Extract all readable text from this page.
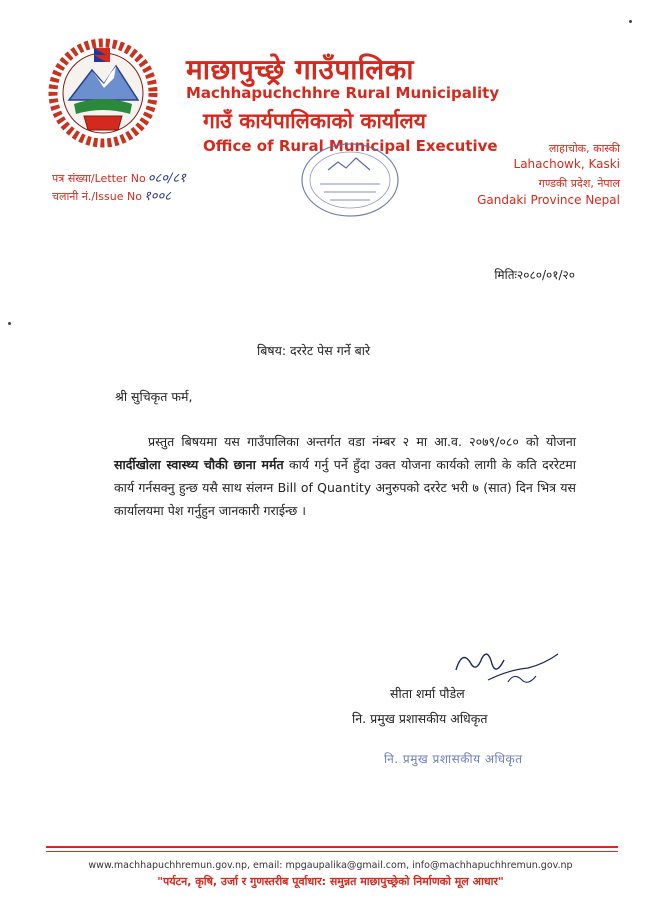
माछापुच्छ्रे गाउँपालिका
Machhapuchchhre Rural Municipality
गाउँ कार्यपालिकाको कार्यालय
Office of Rural Municipal Executive
पत्र संख्या/Letter No ०८०/८१
चलानी नं./Issue No १००८
लाहाचोक, कास्की
Lahachowk, Kaski
गण्डकी प्रदेश, नेपाल
Gandaki Province Nepal
मितिः२०८०/०१/२०
बिषय: दररेट पेस गर्ने बारे
श्री सुचिकृत फर्म,
प्रस्तुत बिषयमा यस गाउँपालिका अन्तर्गत वडा नंम्बर २ मा आ.व. २०७९/०८० को योजना सार्दीखोला स्वास्थ्य चौकी छाना मर्मत कार्य गर्नु पर्ने हुँदा उक्त योजना कार्यको लागी के कति दररेटमा कार्य गर्नसक्नु हुन्छ यसै साथ संलग्न Bill of Quantity अनुरुपको दररेट भरी ७ (सात) दिन भित्र यस कार्यालयमा पेश गर्नुहुन जानकारी गराईन्छ ।
सीता शर्मा पौडेल
नि. प्रमुख प्रशासकीय अधिकृत
नि. प्रमुख प्रशासकीय अधिकृत
www.machhapuchhremun.gov.np, email: mpgaupalika@gmail.com, info@machhapuchhremun.gov.np
"पर्यटन, कृषि, उर्जा र गुणस्तरीब पूर्वाधार: समुन्नत माछापुच्छ्रेको निर्माणको मूल आधार"
